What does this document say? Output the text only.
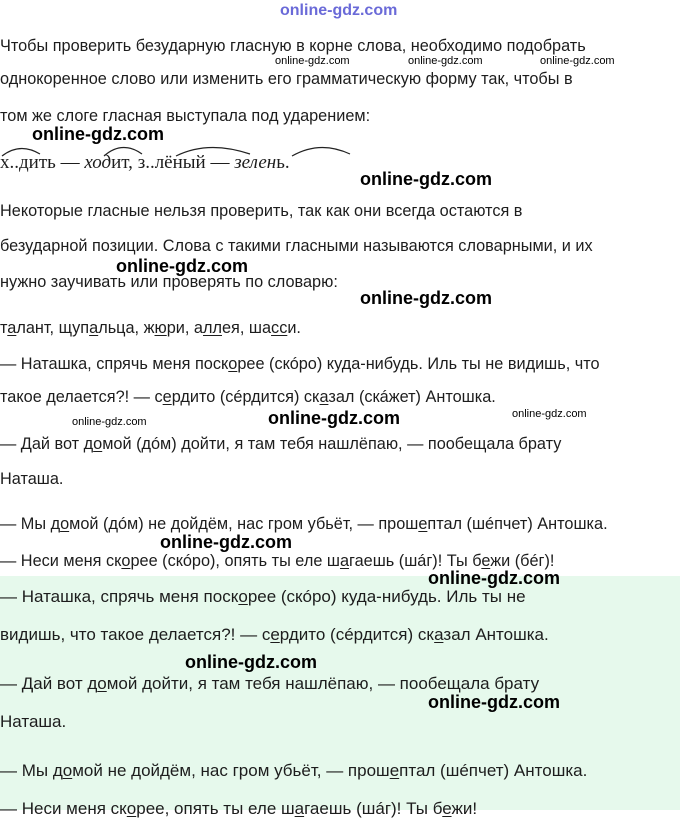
online-gdz.com
Чтобы проверить безударную гласную в корне слова, необходимо подобрать
однокоренное слово или изменить его грамматическую форму так, чтобы в
том же слоге гласная выступала под ударением:
х..дить — ходит, з..лёный — зелень.
Некоторые гласные нельзя проверить, так как они всегда остаются в
безударной позиции. Слова с такими гласными называются словарными, и их
нужно заучивать или проверять по словарю:
талант, щупальца, жюри, аллея, шасси.
— Наташка, спрячь меня поскорее (скóро) куда-нибудь. Иль ты не видишь, что
такое делается?! — сердито (сéрдится) сказал (скáжет) Антошка.
— Дай вот домой (дóм) дойти, я там тебя нашлёпаю, — пообещала брату
Наташа.
— Мы домой (дóм) не дойдём, нас гром убьёт, — прошептал (шéпчет) Антошка.
— Неси меня скорее (скóро), опять ты еле шагаешь (шáг)! Ты бежи (бéг)!
— Наташка, спрячь меня поскорее (скóро) куда-нибудь. Иль ты не
видишь, что такое делается?! — сердито (сéрдится) сказал Антошка.
— Дай вот домой дойти, я там тебя нашлёпаю, — пообещала брату
Наташа.
— Мы домой не дойдём, нас гром убьёт, — прошептал (шéпчет) Антошка.
— Неси меня скорее, опять ты еле шагаешь (шáг)! Ты бежи!
online-gdz.com	online-gdz.com	online-gdz.com
online-gdz.com
online-gdz.com
online-gdz.com
online-gdz.com
online-gdz.com	online-gdz.com	online-gdz.com
online-gdz.com
online-gdz.com
online-gdz.com
online-gdz.com
